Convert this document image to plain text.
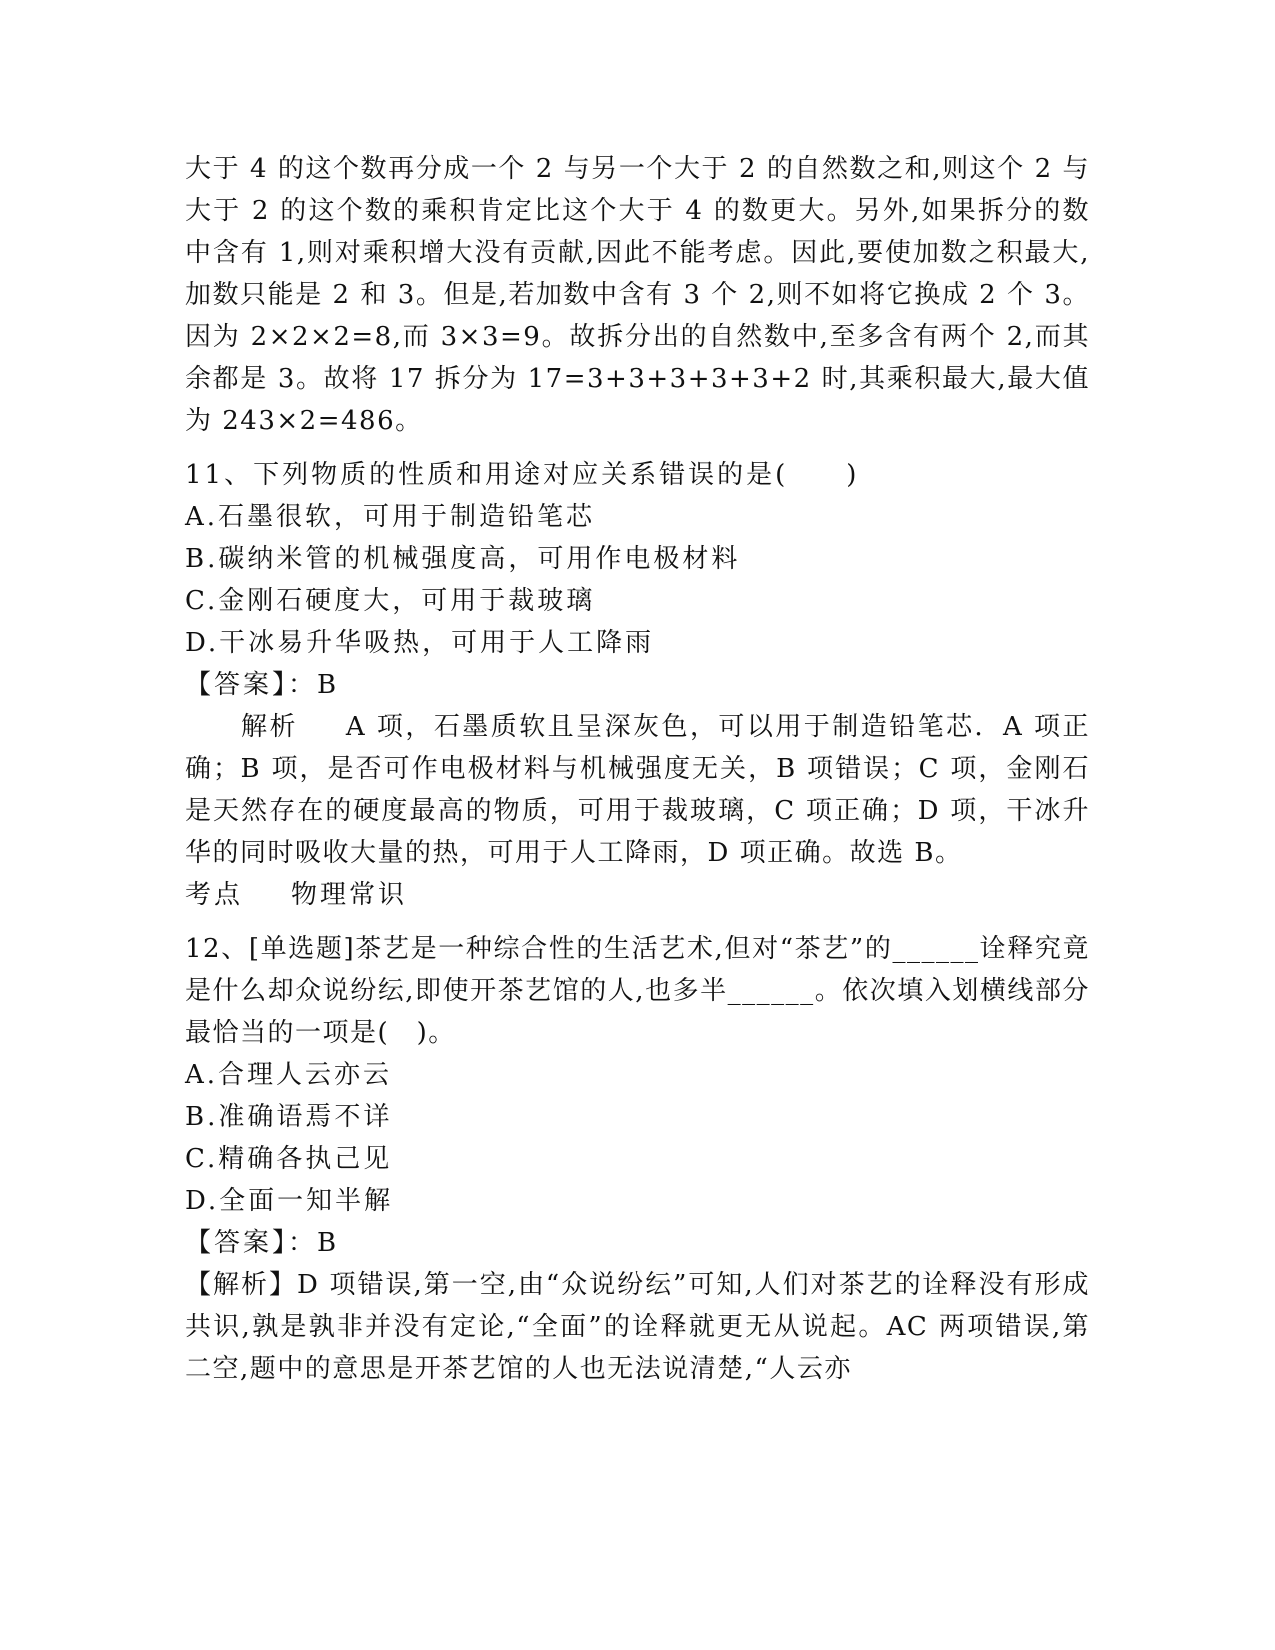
大于 4 的这个数再分成一个 2 与另一个大于 2 的自然数之和,则这个 2 与大于 2 的这个数的乘积肯定比这个大于 4 的数更大。另外,如果拆分的数中含有 1,则对乘积增大没有贡献,因此不能考虑。因此,要使加数之积最大,加数只能是 2 和 3。但是,若加数中含有 3 个 2,则不如将它换成 2 个 3。因为 2×2×2=8,而 3×3=9。故拆分出的自然数中,至多含有两个 2,而其余都是 3。故将 17 拆分为 17=3+3+3+3+3+2 时,其乘积最大,最大值为 243×2=486。

11、下列物质的性质和用途对应关系错误的是(　　)

A.石墨很软，可用于制造铅笔芯

B.碳纳米管的机械强度高，可用作电极材料

C.金刚石硬度大，可用于裁玻璃

D.干冰易升华吸热，可用于人工降雨

【答案】：B

解析 A 项，石墨质软且呈深灰色，可以用于制造铅笔芯．A 项正确；B 项，是否可作电极材料与机械强度无关，B 项错误；C 项，金刚石是天然存在的硬度最高的物质，可用于裁玻璃，C 项正确；D 项，干冰升华的同时吸收大量的热，可用于人工降雨，D 项正确。故选 B。

考点 物理常识

12、[单选题]茶艺是一种综合性的生活艺术,但对“茶艺”的______诠释究竟是什么却众说纷纭,即使开茶艺馆的人,也多半______。依次填入划横线部分最恰当的一项是(　)。

A.合理人云亦云

B.准确语焉不详

C.精确各执己见

D.全面一知半解

【答案】：B

【解析】D 项错误,第一空,由“众说纷纭”可知,人们对茶艺的诠释没有形成共识,孰是孰非并没有定论,“全面”的诠释就更无从说起。AC 两项错误,第二空,题中的意思是开茶艺馆的人也无法说清楚,“人云亦
